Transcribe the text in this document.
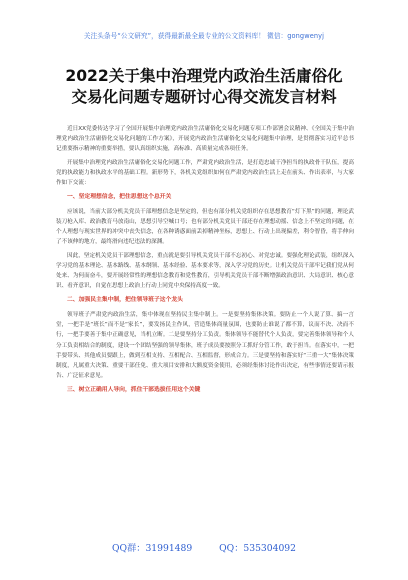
关注头条号“公文研究”，获得最新最全最专业的公文资料库！ 微信：gongwenyj
2022关于集中治理党内政治生活庸俗化
交易化问题专题研讨心得交流发言材料

近日XX党委传达学习了全国开展集中治理党内政治生活庸俗化交易化问题专项工作部署会议精神、《全国关于集中治理党内政治生活庸俗化交易化问题的工作方案》，开展党内政治生活庸俗化交易化问题集中治理，是贯彻落实习近平总书记重要指示精神的重要举措，要认真组织实施，高标准、高质量完成各项任务。

开展集中治理党内政治生活庸俗化交易化问题工作，严肃党内政治生活，是打造忠诚干净担当的执政骨干队伍，提高党的执政能力和执政水平的基础工程。新形势下，各机关党组织如何在严肃党内政治生活上走在前头、作出表率，与大家作如下交流：

一、坚定理想信念，把住思想这个总开关

应该说，当前大部分机关党员干部理想信念是坚定的，但也有部分机关党组织存在思想教育“灯下黑”的问题，理论武装刀枪入库、政治教育马放南山，思想引导空喊口号；也有部分机关党员干部还存在理想动摇、信念上不坚定的问题，在个人理想与现实世界的冲突中丧失信念，在各种诱惑面前丢掉精神坐标，思想上、行动上出现偏差，利令智昏，将手伸向了不该伸的地方，最终滑向违纪违法的深渊。

因此，坚定机关党员干部理想信念，重点就是要引导机关党员干部不忘初心、对党忠诚。要强化理论武装，组织深入学习党的基本理论、基本路线、基本纲领、基本经验、基本要求等，深入学习党的历史。让机关党员干部牢记我们党从何处来、为何而奋斗，要开展经常性的理想信念教育和党性教育，引导机关党员干部不断增强政治意识、大局意识、核心意识、看齐意识，自觉在思想上政治上行动上同党中央保持高度一致。

二、加强民主集中制，把住领导班子这个龙头

领导班子严肃党内政治生活，集中体现在坚持民主集中制上。一是要坚持集体决策。要防止一个人说了算、搞一言堂，一把手是“班长”而不是“家长”，要发扬民主作风，营造集体商量氛围，也要防止谁说了都不算，议而不决、决而不行，一把手要善于集中正确意见，当机立断。二是要坚持分工负责。集体领导不能替代个人负责，要完善集体领导和个人分工负责相结合的制度，建设一个团结坚强的领导集体，班子成员要按照分工抓好分管工作，敢于担当。在落实中，一把手要带头、其他成员要跟上，做到互相支持、互相配合、互相监督，形成合力。三是要坚持和落实好“三重一大”集体决策制度，凡属重大决策、重要干部任免、重大项目安排和大额度资金使用，必须经集体讨论作出决定，有些事情还要请示报告、广泛征求意见。

三、树立正确用人导向，抓住干部选拔任用这个关键
QQ群：31991489	QQ：535304092
